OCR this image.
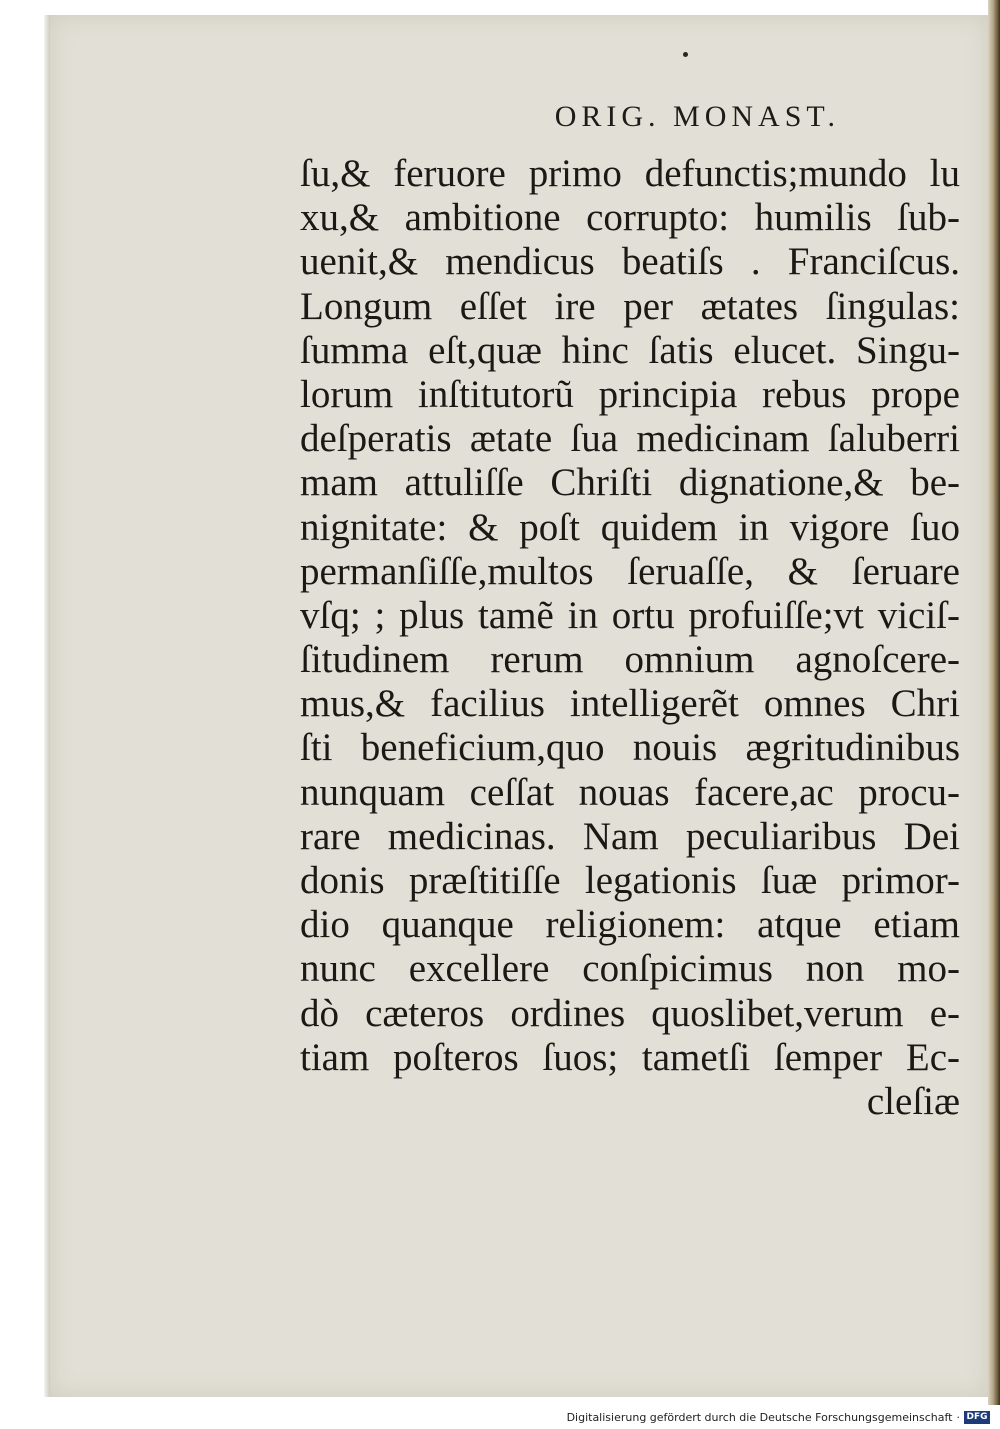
ORIG. MONAST.
ſu,& feruore primo defunctis;mundo lu
xu,& ambitione corrupto: humilis ſub-
uenit,& mendicus beatiſs . Franciſcus.
Longum eſſet ire per ætates ſingulas:
ſumma eſt,quæ hinc ſatis elucet. Singu-
lorum inſtitutorũ principia rebus prope
deſperatis ætate ſua medicinam ſaluberri
mam attuliſſe Chriſti dignatione,& be-
nignitate: & poſt quidem in vigore ſuo
permanſiſſe,multos ſeruaſſe, & ſeruare
vſq; ; plus tamẽ in ortu profuiſſe;vt viciſ-
ſitudinem rerum omnium agnoſcere-
mus,& facilius intelligerẽt omnes Chri
ſti beneficium,quo nouis ægritudinibus
nunquam ceſſat nouas facere,ac procu-
rare medicinas. Nam peculiaribus Dei
donis præſtitiſſe legationis ſuæ primor-
dio quanque religionem: atque etiam
nunc excellere conſpicimus non mo-
dò cæteros ordines quoslibet,verum e-
tiam poſteros ſuos; tametſi ſemper Ec-
cleſiæ
Digitalisierung gefördert durch die Deutsche Forschungsgemeinschaft · DFG
